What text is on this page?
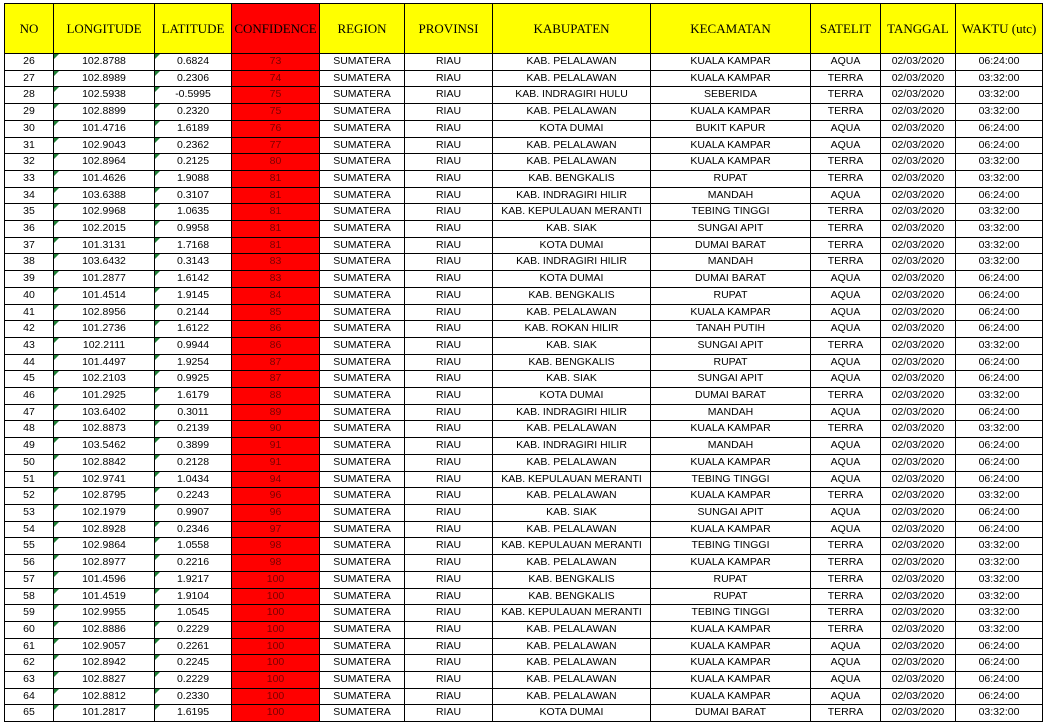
NO	LONGITUDE	LATITUDE	CONFIDENCE	REGION	PROVINSI	KABUPATEN	KECAMATAN	SATELIT	TANGGAL	WAKTU (utc)
26	102.8788	0.6824	73	SUMATERA	RIAU	KAB. PELALAWAN	KUALA KAMPAR	AQUA	02/03/2020	06:24:00
27	102.8989	0.2306	74	SUMATERA	RIAU	KAB. PELALAWAN	KUALA KAMPAR	TERRA	02/03/2020	03:32:00
28	102.5938	-0.5995	75	SUMATERA	RIAU	KAB. INDRAGIRI HULU	SEBERIDA	TERRA	02/03/2020	03:32:00
29	102.8899	0.2320	75	SUMATERA	RIAU	KAB. PELALAWAN	KUALA KAMPAR	TERRA	02/03/2020	03:32:00
30	101.4716	1.6189	76	SUMATERA	RIAU	KOTA DUMAI	BUKIT KAPUR	AQUA	02/03/2020	06:24:00
31	102.9043	0.2362	77	SUMATERA	RIAU	KAB. PELALAWAN	KUALA KAMPAR	AQUA	02/03/2020	06:24:00
32	102.8964	0.2125	80	SUMATERA	RIAU	KAB. PELALAWAN	KUALA KAMPAR	TERRA	02/03/2020	03:32:00
33	101.4626	1.9088	81	SUMATERA	RIAU	KAB. BENGKALIS	RUPAT	TERRA	02/03/2020	03:32:00
34	103.6388	0.3107	81	SUMATERA	RIAU	KAB. INDRAGIRI HILIR	MANDAH	AQUA	02/03/2020	06:24:00
35	102.9968	1.0635	81	SUMATERA	RIAU	KAB. KEPULAUAN MERANTI	TEBING TINGGI	TERRA	02/03/2020	03:32:00
36	102.2015	0.9958	81	SUMATERA	RIAU	KAB. SIAK	SUNGAI APIT	TERRA	02/03/2020	03:32:00
37	101.3131	1.7168	81	SUMATERA	RIAU	KOTA DUMAI	DUMAI BARAT	TERRA	02/03/2020	03:32:00
38	103.6432	0.3143	83	SUMATERA	RIAU	KAB. INDRAGIRI HILIR	MANDAH	TERRA	02/03/2020	03:32:00
39	101.2877	1.6142	83	SUMATERA	RIAU	KOTA DUMAI	DUMAI BARAT	AQUA	02/03/2020	06:24:00
40	101.4514	1.9145	84	SUMATERA	RIAU	KAB. BENGKALIS	RUPAT	AQUA	02/03/2020	06:24:00
41	102.8956	0.2144	85	SUMATERA	RIAU	KAB. PELALAWAN	KUALA KAMPAR	AQUA	02/03/2020	06:24:00
42	101.2736	1.6122	86	SUMATERA	RIAU	KAB. ROKAN HILIR	TANAH PUTIH	AQUA	02/03/2020	06:24:00
43	102.2111	0.9944	86	SUMATERA	RIAU	KAB. SIAK	SUNGAI APIT	TERRA	02/03/2020	03:32:00
44	101.4497	1.9254	87	SUMATERA	RIAU	KAB. BENGKALIS	RUPAT	AQUA	02/03/2020	06:24:00
45	102.2103	0.9925	87	SUMATERA	RIAU	KAB. SIAK	SUNGAI APIT	AQUA	02/03/2020	06:24:00
46	101.2925	1.6179	88	SUMATERA	RIAU	KOTA DUMAI	DUMAI BARAT	TERRA	02/03/2020	03:32:00
47	103.6402	0.3011	89	SUMATERA	RIAU	KAB. INDRAGIRI HILIR	MANDAH	AQUA	02/03/2020	06:24:00
48	102.8873	0.2139	90	SUMATERA	RIAU	KAB. PELALAWAN	KUALA KAMPAR	TERRA	02/03/2020	03:32:00
49	103.5462	0.3899	91	SUMATERA	RIAU	KAB. INDRAGIRI HILIR	MANDAH	AQUA	02/03/2020	06:24:00
50	102.8842	0.2128	91	SUMATERA	RIAU	KAB. PELALAWAN	KUALA KAMPAR	AQUA	02/03/2020	06:24:00
51	102.9741	1.0434	94	SUMATERA	RIAU	KAB. KEPULAUAN MERANTI	TEBING TINGGI	AQUA	02/03/2020	06:24:00
52	102.8795	0.2243	96	SUMATERA	RIAU	KAB. PELALAWAN	KUALA KAMPAR	TERRA	02/03/2020	03:32:00
53	102.1979	0.9907	96	SUMATERA	RIAU	KAB. SIAK	SUNGAI APIT	AQUA	02/03/2020	06:24:00
54	102.8928	0.2346	97	SUMATERA	RIAU	KAB. PELALAWAN	KUALA KAMPAR	AQUA	02/03/2020	06:24:00
55	102.9864	1.0558	98	SUMATERA	RIAU	KAB. KEPULAUAN MERANTI	TEBING TINGGI	TERRA	02/03/2020	03:32:00
56	102.8977	0.2216	98	SUMATERA	RIAU	KAB. PELALAWAN	KUALA KAMPAR	TERRA	02/03/2020	03:32:00
57	101.4596	1.9217	100	SUMATERA	RIAU	KAB. BENGKALIS	RUPAT	TERRA	02/03/2020	03:32:00
58	101.4519	1.9104	100	SUMATERA	RIAU	KAB. BENGKALIS	RUPAT	TERRA	02/03/2020	03:32:00
59	102.9955	1.0545	100	SUMATERA	RIAU	KAB. KEPULAUAN MERANTI	TEBING TINGGI	TERRA	02/03/2020	03:32:00
60	102.8886	0.2229	100	SUMATERA	RIAU	KAB. PELALAWAN	KUALA KAMPAR	TERRA	02/03/2020	03:32:00
61	102.9057	0.2261	100	SUMATERA	RIAU	KAB. PELALAWAN	KUALA KAMPAR	AQUA	02/03/2020	06:24:00
62	102.8942	0.2245	100	SUMATERA	RIAU	KAB. PELALAWAN	KUALA KAMPAR	AQUA	02/03/2020	06:24:00
63	102.8827	0.2229	100	SUMATERA	RIAU	KAB. PELALAWAN	KUALA KAMPAR	AQUA	02/03/2020	06:24:00
64	102.8812	0.2330	100	SUMATERA	RIAU	KAB. PELALAWAN	KUALA KAMPAR	AQUA	02/03/2020	06:24:00
65	101.2817	1.6195	100	SUMATERA	RIAU	KOTA DUMAI	DUMAI BARAT	TERRA	02/03/2020	03:32:00
